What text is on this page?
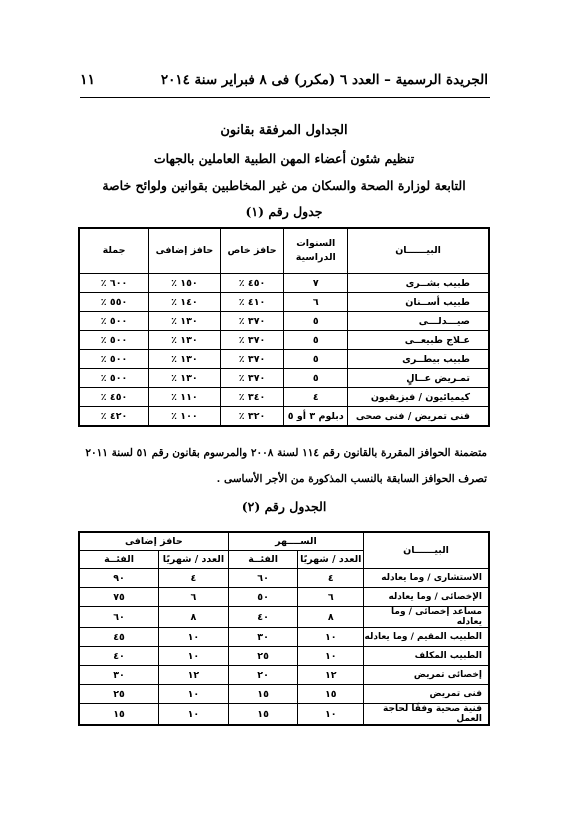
الجريدة الرسمية – العدد ٦ (مكرر) فى ٨ فبراير سنة ٢٠١٤
١١
الجداول المرفقة بقانون
تنظيم شئون أعضاء المهن الطبية العاملين بالجهات
التابعة لوزارة الصحة والسكان من غير المخاطبين بقوانين ولوائح خاصة
جدول رقم (١)
البيــــــان	السنوات الدراسية	حافز خاص	حافز إضافى	جملة
طبيب بشــرى	٧	٤٥٠ ٪	١٥٠ ٪	٦٠٠ ٪
طبيب أســنان	٦	٤١٠ ٪	١٤٠ ٪	٥٥٠ ٪
صيـــدلـــى	٥	٣٧٠ ٪	١٣٠ ٪	٥٠٠ ٪
عـلاج طبيعــى	٥	٣٧٠ ٪	١٣٠ ٪	٥٠٠ ٪
طبيب بيطــرى	٥	٣٧٠ ٪	١٣٠ ٪	٥٠٠ ٪
تمـريض عــالٍ	٥	٣٧٠ ٪	١٣٠ ٪	٥٠٠ ٪
كيميائيون / فيزيقيون	٤	٣٤٠ ٪	١١٠ ٪	٤٥٠ ٪
فنى تمريض / فنى صحى	دبلوم ٣ أو ٥	٣٢٠ ٪	١٠٠ ٪	٤٢٠ ٪
متضمنة الحوافز المقررة بالقانون رقم ١١٤ لسنة ٢٠٠٨ والمرسوم بقانون رقم ٥١ لسنة ٢٠١١
تصرف الحوافز السابقة بالنسب المذكورة من الأجر الأساسى .
الجدول رقم (٢)
البيــــــان	الســــهر		حافز إضافى	
	العدد / شهريًا	الفئــة	العدد / شهريًا	الفئــة
الاستشارى / وما يعادله	٤	٦٠	٤	٩٠
الإخصائى / وما يعادله	٦	٥٠	٦	٧٥
مساعد إخصائى / وما يعادله	٨	٤٠	٨	٦٠
الطبيب المقيم / وما يعادله	١٠	٣٠	١٠	٤٥
الطبيب المكلف	١٠	٢٥	١٠	٤٠
إخصائى تمريض	١٢	٢٠	١٢	٣٠
فنى تمريض	١٥	١٥	١٠	٢٥
فنية صحية وفقًا لحاجة العمل	١٠	١٥	١٠	١٥
